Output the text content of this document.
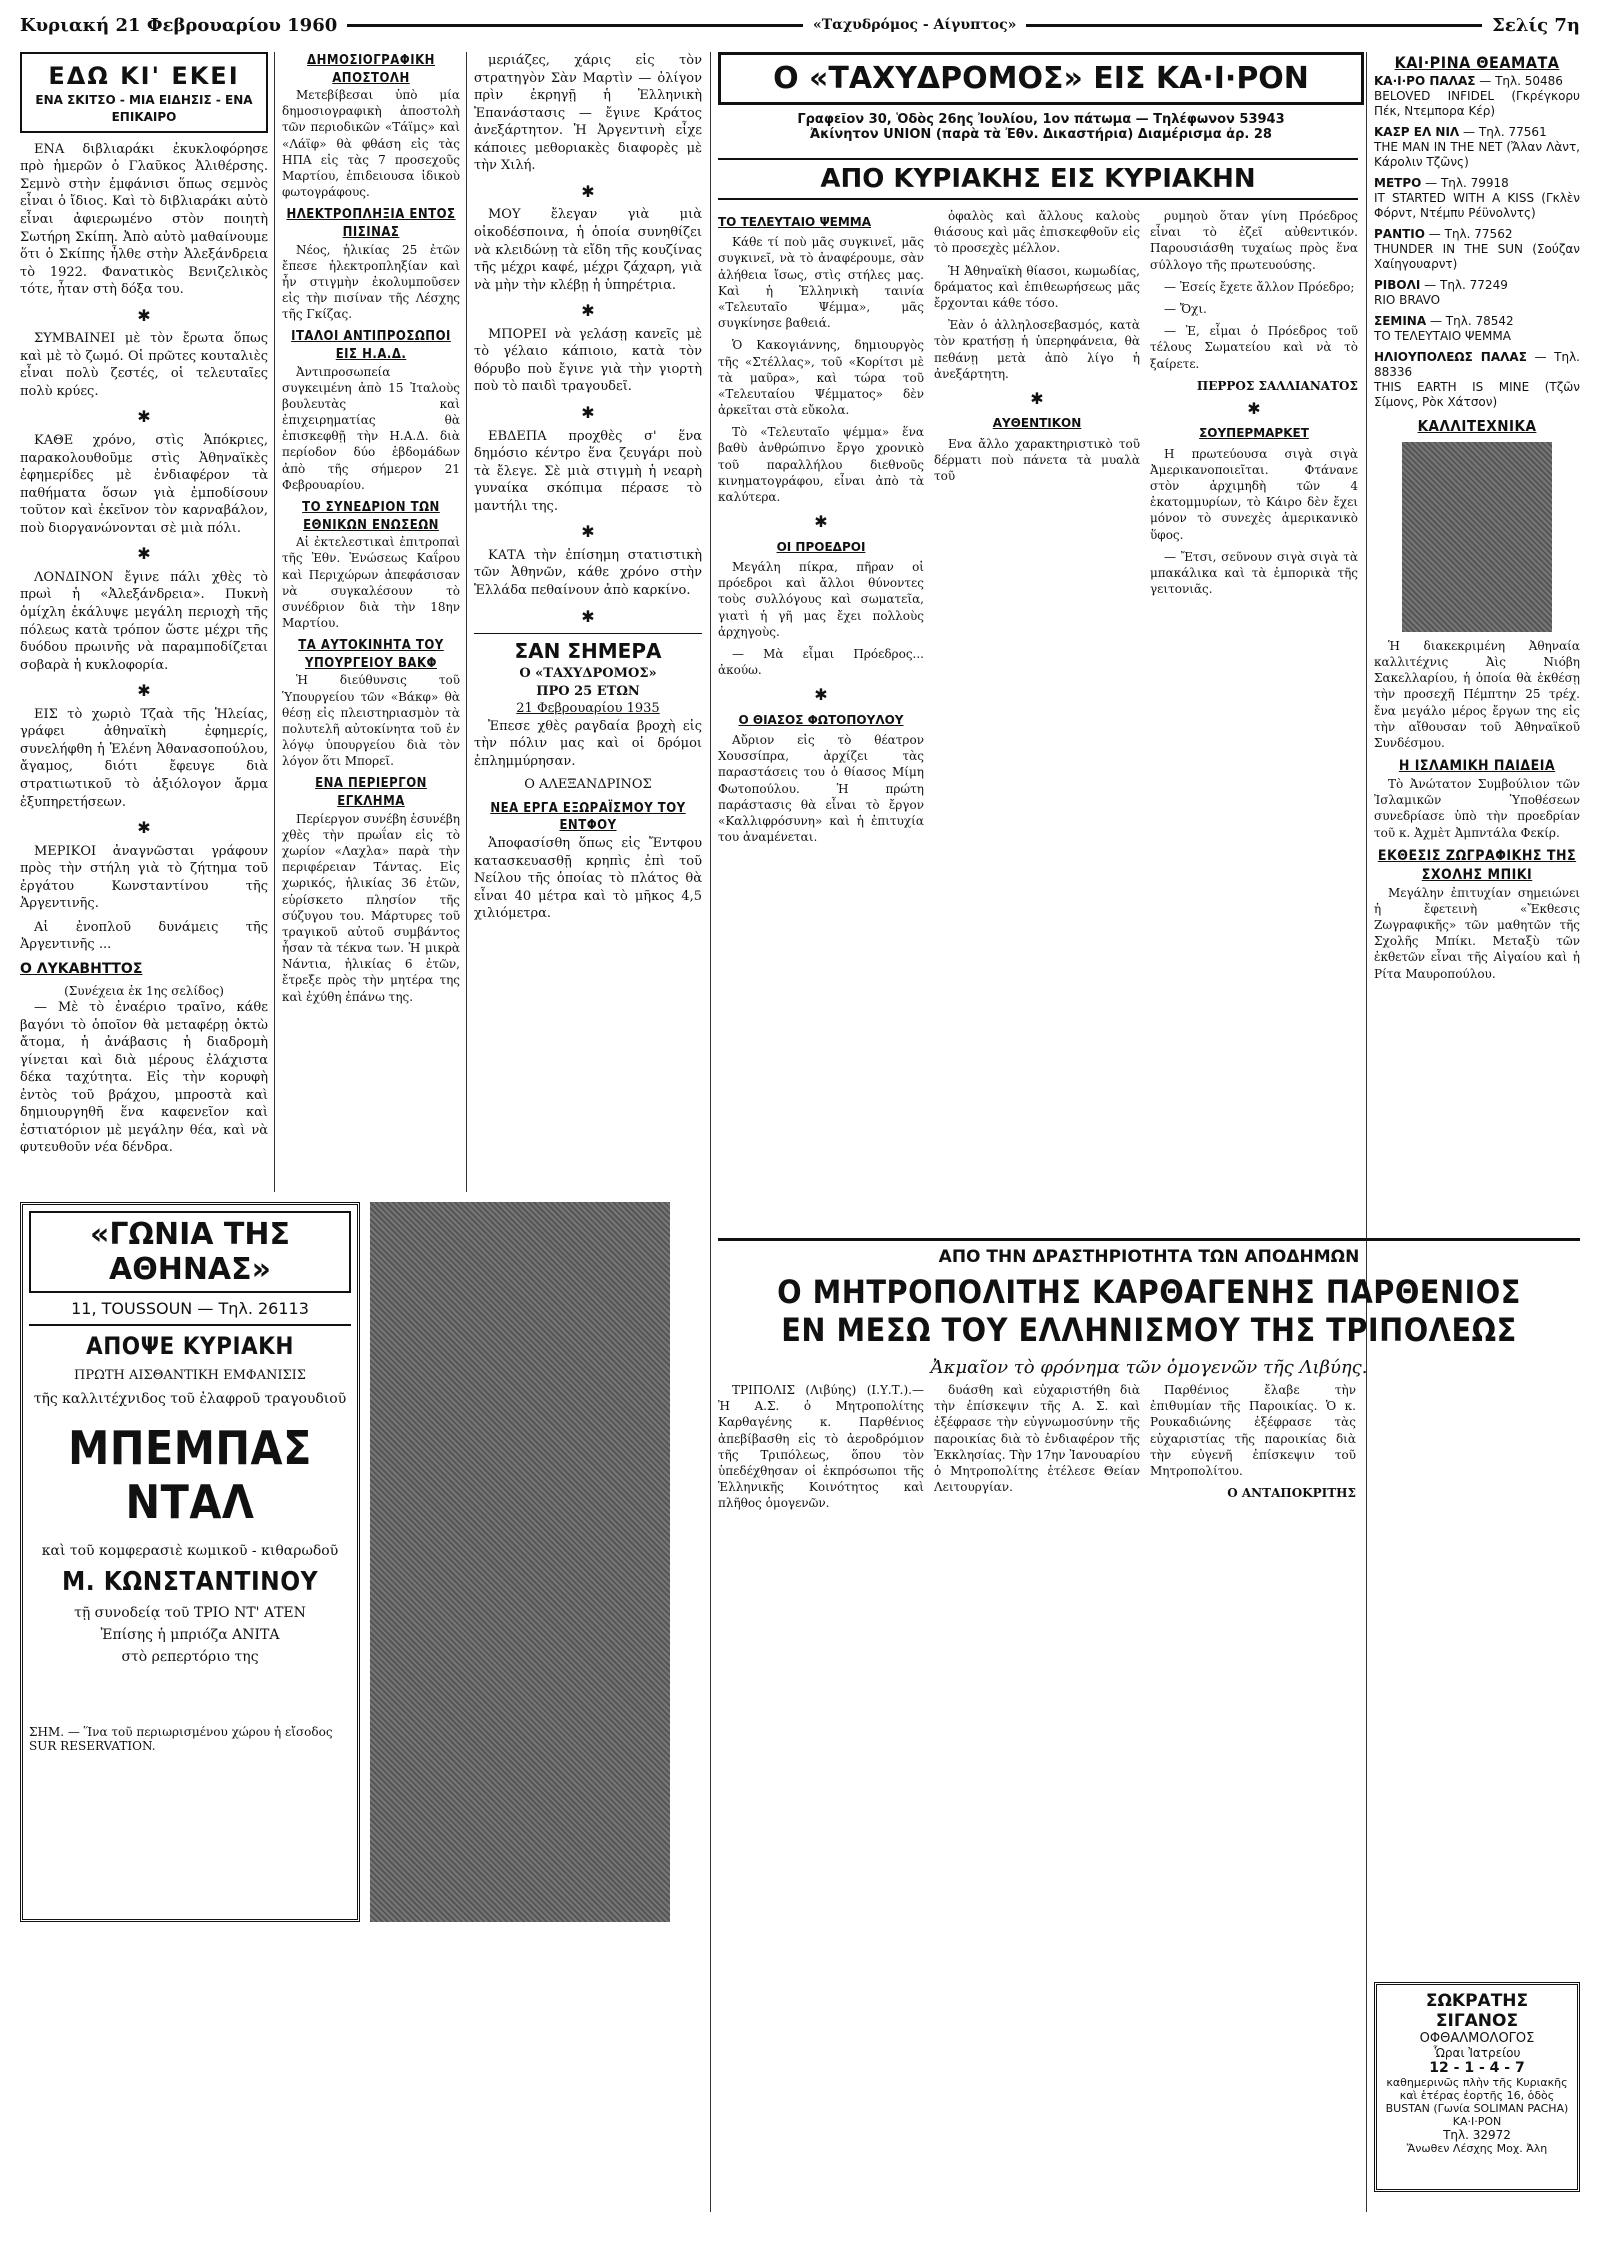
Κυριακή 21 Φεβρουαρίου 1960	«Ταχυδρόμος - Αίγυπτος»	Σελίς 7η
ΕΔΩ ΚΙ' ΕΚΕΙ
ΕΝΑ ΣΚΙΤΣΟ - ΜΙΑ ΕΙΔΗΣΙΣ - ΕΝΑ ΕΠΙΚΑΙΡΟ

ΕΝΑ διβλιαράκι ἐκυκλοφόρησε πρὸ ἡμερῶν ὁ Γλαῦκος Ἀλιθέρσης. Σεμνὸ στὴν ἐμφάνισι ὅπως σεμνὸς εἶναι ὁ ἴδιος. Καὶ τὸ διβλιαράκι αὐτὸ εἶναι ἀφιερωμένο στὸν ποιητὴ Σωτήρη Σκίπη. Ἀπὸ αὐτὸ μαθαίνουμε ὅτι ὁ Σκίπης ἦλθε στὴν Ἀλεξάνδρεια τὸ 1922. Φανατικὸς Βενιζελικὸς τότε, ἦταν στὴ δόξα του.

✱

ΣΥΜΒΑΙΝΕΙ μὲ τὸν ἔρωτα ὅπως καὶ μὲ τὸ ζωμό. Οἱ πρῶτες κουταλιὲς εἶναι πολὺ ζεστές, οἱ τελευταῖες πολὺ κρύες.

✱

ΚΑΘΕ χρόνο, στὶς Ἀπόκριες, παρακολουθοῦμε στὶς Ἀθηναϊκὲς ἐφημερίδες μὲ ἐνδιαφέρον τὰ παθήματα ὅσων γιὰ ἐμποδίσουν τοῦτον καὶ ἐκεῖνον τὸν καρναβάλον, ποὺ διοργανώνονται σὲ μιὰ πόλι.

✱

ΛΟΝΔΙΝΟΝ ἔγινε πάλι χθὲς τὸ πρωὶ ἡ «Ἀλεξάνδρεια». Πυκνὴ ὁμίχλη ἐκάλυψε μεγάλη περιοχὴ τῆς πόλεως κατὰ τρόπον ὥστε μέχρι τῆς δυόδου πρωινῆς νὰ παραμποδίζεται σοβαρὰ ἡ κυκλοφορία.

✱

ΕΙΣ τὸ χωριὸ Τζαὰ τῆς Ἡλείας, γράφει ἀθηναϊκὴ ἐφημερίς, συνελήφθη ἡ Ἑλένη Ἀθανασοπούλου, ἄγαμος, διότι ἔφευγε διὰ στρατιωτικοῦ τὸ ἀξιόλογον ἄρμα ἐξυπηρετήσεων.

✱

ΜΕΡΙΚΟΙ ἀναγνῶσται γράφουν πρὸς τὴν στήλη γιὰ τὸ ζήτημα τοῦ ἐργάτου Κωνσταντίνου τῆς Ἀργεντινῆς.

Αἱ ἐνοπλοῦ δυνάμεις τῆς Ἀργεντινῆς ...

Ο ΛΥΚΑΒΗΤΤΟΣ
(Συνέχεια ἐκ 1ης σελίδος)

— Μὲ τὸ ἐναέριο τραῖνο, κάθε βαγόνι τὸ ὁποῖον θὰ μεταφέρῃ ὀκτὼ ἄτομα, ἡ ἀνάβασις ἡ διαδρομὴ γίνεται καὶ διὰ μέρους ἐλάχιστα δέκα ταχύτητα. Εἰς τὴν κορυφὴ ἐντὸς τοῦ βράχου, μπροστὰ καὶ δημιουργηθῆ ἕνα καφενεῖον καὶ ἐστιατόριον μὲ μεγάλην θέα, καὶ νὰ φυτευθοῦν νέα δένδρα.

ΔΗΜΟΣΙΟΓΡΑΦΙΚΗ ΑΠΟΣΤΟΛΗ

Μετεβίβεσαι ὑπὸ μία δημοσιογραφικὴ ἀποστολὴ τῶν περιοδικῶν «Τάϊμς» καὶ «Λάϊφ» θὰ φθάση εἰς τὰς ΗΠΑ εἰς τὰς 7 προσεχοῦς Μαρτίου, ἐπιδειουσα ἰδικοὺ φωτογράφους.

ΗΛΕΚΤΡΟΠΛΗΞΙΑ ΕΝΤΟΣ ΠΙΣΙΝΑΣ

Νέος, ἡλικίας 25 ἐτῶν ἔπεσε ἡλεκτροπληξίαν καὶ ἦν στιγμὴν ἐκολυμποῦσεν εἰς τὴν πισίναν τῆς Λέσχης τῆς Γκίζας.

ΙΤΑΛΟΙ ΑΝΤΙΠΡΟΣΩΠΟΙ ΕΙΣ Η.Α.Δ.

Ἀντιπροσωπεία συγκειμένη ἀπὸ 15 Ἰταλοὺς βουλευτὰς καὶ ἐπιχειρηματίας θὰ ἐπισκεφθῇ τὴν Η.Α.Δ. διὰ περίοδον δύο ἑβδομάδων ἀπὸ τῆς σήμερον 21 Φεβρουαρίου.

ΤΟ ΣΥΝΕΔΡΙΟΝ ΤΩΝ ΕΘΝΙΚΩΝ ΕΝΩΣΕΩΝ

Αἱ ἐκτελεστικαὶ ἐπιτροπαὶ τῆς Ἐθν. Ἑνώσεως Καΐρου καὶ Περιχώρων ἀπεφάσισαν νὰ συγκαλέσουν τὸ συνέδριον διὰ τὴν 18ην Μαρτίου.

ΤΑ ΑΥΤΟΚΙΝΗΤΑ ΤΟΥ ΥΠΟΥΡΓΕΙΟΥ ΒΑΚΦ

Ἡ διεύθυνσις τοῦ Ὑπουργείου τῶν «Βάκφ» θὰ θέσῃ εἰς πλειστηριασμὸν τὰ πολυτελῆ αὐτοκίνητα τοῦ ἐν λόγῳ ὑπουργείου διὰ τὸν λόγον ὅτι Μπορεῖ.

ΕΝΑ ΠΕΡΙΕΡΓΟΝ ΕΓΚΛΗΜΑ

Περίεργον συνέβη ἐσυνέβη χθὲς τὴν πρωΐαν εἰς τὸ χωρίον «Λαχλα» παρὰ τὴν περιφέρειαν Τάντας. Εἰς χωρικός, ἡλικίας 36 ἐτῶν, εὑρίσκετο πλησίον τῆς σύζυγου του. Μάρτυρες τοῦ τραγικοῦ αὐτοῦ συμβάντος ἦσαν τὰ τέκνα των. Ἡ μικρὰ Νάντια, ἡλικίας 6 ἐτῶν, ἔτρεξε πρὸς τὴν μητέρα της καὶ ἐχύθη ἐπάνω της.

μεριάζες, χάρις εἰς τὸν στρατηγὸν Σὰν Μαρτὶν — ὀλίγον πρὶν ἐκρηγῇ ἡ Ἑλληνικὴ Ἐπανάστασις — ἔγινε Κράτος ἀνεξάρτητον. Ἡ Ἀργεντινὴ εἶχε κάποιες μεθοριακὲς διαφορὲς μὲ τὴν Χιλή.

✱

ΜΟΥ ἔλεγαν γιὰ μιὰ οἰκοδέσποινα, ἡ ὁποία συνηθίζει νὰ κλειδώνῃ τὰ εἴδη τῆς κουζίνας τῆς μέχρι καφέ, μέχρι ζάχαρη, γιὰ νὰ μὴν τὴν κλέβῃ ἡ ὑπηρέτρια.

✱

ΜΠΟΡΕΙ νὰ γελάσῃ κανεῖς μὲ τὸ γέλαιο κάπιοιο, κατὰ τὸν θόρυβο ποὺ ἔγινε γιὰ τὴν γιορτὴ ποὺ τὸ παιδὶ τραγουδεῖ.

✱

ΕΒΔΕΠΑ προχθὲς σ' ἕνα δημόσιο κέντρο ἕνα ζευγάρι ποὺ τὰ ἔλεγε. Σὲ μιὰ στιγμὴ ἡ νεαρὴ γυναίκα σκόπιμα πέρασε τὸ μαντήλι της.

✱

ΚΑΤΑ τὴν ἐπίσημη στατιστικὴ τῶν Ἀθηνῶν, κάθε χρόνο στὴν Ἑλλάδα πεθαίνουν ἀπὸ καρκίνο.

✱
ΣΑΝ ΣΗΜΕΡΑ
Ο «ΤΑΧΥΔΡΟΜΟΣ»
ΠΡΟ 25 ΕΤΩΝ
21 Φεβρουαρίου 1935

Ἐπεσε χθὲς ραγδαία βροχὴ εἰς τὴν πόλιν μας καὶ οἱ δρόμοι ἐπλημμύρησαν.

Ο ΑΛΕΞΑΝΔΡΙΝΟΣ
ΝΕΑ ΕΡΓΑ ΕΞΩΡΑΪΣΜΟΥ ΤΟΥ ΕΝΤΦΟΥ

Ἀποφασίσθη ὅπως εἰς Ἔντφου κατασκευασθῇ κρηπὶς ἐπὶ τοῦ Νείλου τῆς ὁποίας τὸ πλάτος θὰ εἶναι 40 μέτρα καὶ τὸ μῆκος 4,5 χιλιόμετρα.

«ΓΩΝΙΑ ΤΗΣ ΑΘΗΝΑΣ»
11, TOUSSOUN — Τηλ. 26113
ΑΠΟΨΕ ΚΥΡΙΑΚΗ
ΠΡΩΤΗ ΑΙΣΘΑΝΤΙΚΗ ΕΜΦΑΝΙΣΙΣ
τῆς καλλιτέχνιδος τοῦ ἐλαφροῦ τραγουδιοῦ
ΜΠΕΜΠΑΣ ΝΤΑΛ
καὶ τοῦ κομφερασιὲ κωμικοῦ - κιθαρωδοῦ
Μ. ΚΩΝΣΤΑΝΤΙΝΟΥ
τῇ συνοδείᾳ τοῦ ΤΡΙΟ ΝΤ' ΑΤΕΝ
Ἐπίσης ἡ μπριόζα ΑΝΙΤΑ
στὸ ρεπερτόριο της
ΣΗΜ. — Ἵνα τοῦ περιωρισμένου χώρου ἡ εἴσοδος SUR RESERVATION.
Ο «ΤΑΧΥΔΡΟΜΟΣ» ΕΙΣ ΚΑ·Ι·ΡΟΝ
Γραφεῖον 30, Ὁδὸς 26ης Ἰουλίου, 1ον πάτωμα — Τηλέφωνον 53943
Ἀκίνητον UNION (παρὰ τὰ Ἐθν. Δικαστήρια) Διαμέρισμα ἀρ. 28
ΑΠΟ ΚΥΡΙΑΚΗΣ ΕΙΣ ΚΥΡΙΑΚΗΝ
ΤΟ ΤΕΛΕΥΤΑΙΟ ΨΕΜΜΑ

Κάθε τί ποὺ μᾶς συγκινεῖ, μᾶς συγκινεῖ, νὰ τὸ ἀναφέρουμε, σὰν ἀλήθεια ἴσως, στὶς στήλες μας. Καὶ ἡ Ἑλληνικὴ ταινία «Τελευταῖο Ψέμμα», μᾶς συγκίνησε βαθειά.

Ὁ Κακογιάννης, δημιουργὸς τῆς «Στέλλας», τοῦ «Κορίτσι μὲ τὰ μαῦρα», καὶ τώρα τοῦ «Τελευταίου Ψέμματος» δὲν ἀρκεῖται στὰ εὔκολα.

Τὸ «Τελευταῖο ψέμμα» ἕνα βαθὺ ἀνθρώπινο ἔργο χρονικὸ τοῦ παραλλήλου διεθνοῦς κινηματογράφου, εἶναι ἀπὸ τὰ καλύτερα.

✱
ΟΙ ΠΡΟΕΔΡΟΙ

Μεγάλη πίκρα, πῆραν οἱ πρόεδροι καὶ ἄλλοι θύνοντες τοὺς συλλόγους καὶ σωματεῖα, γιατὶ ἡ γῆ μας ἔχει πολλοὺς ἀρχηγοὺς.

— Μὰ εἶμαι Πρόεδρος... ἀκούω.

✱
Ο ΘΙΑΣΟΣ ΦΩΤΟΠΟΥΛΟΥ

Αὔριον εἰς τὸ θέατρον Χουσσίπρα, ἀρχίζει τὰς παραστάσεις του ὁ θίασος Μίμη Φωτοπούλου. Ἡ πρώτη παράστασις θὰ εἶναι τὸ ἔργον «Καλλιφρόσυνη» καὶ ἡ ἐπιτυχία του ἀναμένεται.

ὀφαλὸς καὶ ἄλλους καλοὺς θιάσους καὶ μᾶς ἐπισκεφθοῦν εἰς τὸ προσεχὲς μέλλον.

Ἡ Ἀθηναϊκὴ θίασοι, κωμωδίας, δράματος καὶ ἐπιθεωρήσεως μᾶς ἔρχονται κάθε τόσο.

Ἐὰν ὁ ἀλληλοσεβασμός, κατὰ τὸν κρατήσῃ ἡ ὑπερηφάνεια, θὰ πεθάνῃ μετὰ ἀπὸ λίγο ἡ ἀνεξάρτητη.

✱
ΑΥΘΕΝΤΙΚΟΝ

Ενα ἄλλο χαρακτηριστικὸ τοῦ δέρματι ποὺ πάνετα τὰ μυαλὰ τοῦ

ρυμηοὺ ὅταν γίνη Πρόεδρος εἶναι τὸ ἐζεῖ αὐθεντικόν. Παρουσιάσθη τυχαίως πρὸς ἕνα σύλλογο τῆς πρωτευούσης.

— Ἐσείς ἔχετε ἄλλον Πρόεδρο;

— Ὄχι.

— Ἐ, εἶμαι ὁ Πρόεδρος τοῦ τέλους Σωματείου καὶ νὰ τὸ ξαίρετε.

ΠΕΡΡΟΣ ΣΑΛΛΙΑΝΑΤΟΣ
✱
ΣΟΥΠΕΡΜΑΡΚΕΤ

Η πρωτεύουσα σιγὰ σιγὰ Ἀμερικανοποιεῖται. Φτάνανε στὸν ἀρχιμηδὴ τῶν 4 ἑκατομμυρίων, τὸ Κάιρο δὲν ἔχει μόνον τὸ συνεχὲς ἀμερικανικὸ ὕφος.

— Ἔτσι, σεῦνουν σιγὰ σιγὰ τὰ μπακάλικα καὶ τὰ ἐμπορικὰ τῆς γειτονιᾶς.

ΚΑΙ·ΡΙΝΑ ΘΕΑΜΑΤΑ
ΚΑ·Ι·ΡΟ ΠΑΛΑΣ — Τηλ. 50486
BELOVED INFIDEL (Γκρέγκορυ Πέκ, Ντεμπορα Κέρ)
ΚΑΣΡ ΕΛ ΝΙΛ — Τηλ. 77561
THE MAN IN THE NET (Ἄλαν Λὰντ, Κάρολιν Τζῶνς)
ΜΕΤΡΟ — Τηλ. 79918
IT STARTED WITH A KISS (Γκλὲν Φόρντ, Ντέμπυ Ρέϋνολντς)
ΡΑΝΤΙΟ — Τηλ. 77562
THUNDER IN THE SUN (Σούζαν Χαίηγουαρντ)
ΡΙΒΟΛΙ — Τηλ. 77249
RIO BRAVO
ΣΕΜΙΝΑ — Τηλ. 78542
ΤΟ ΤΕΛΕΥΤΑΙΟ ΨΕΜΜΑ
ΗΛΙΟΥΠΟΛΕΩΣ ΠΑΛΑΣ — Τηλ. 88336
THIS EARTH IS MINE (Τζῶν Σίμονς, Ρὸκ Χάτσον)
ΚΑΛΛΙΤΕΧΝΙΚΑ

Ἡ διακεκριμένη Ἀθηναία καλλιτέχνις Ἀὶς Νιόβη Σακελλαρίου, ἡ ὁποία θὰ ἐκθέσῃ τὴν προσεχῆ Πέμπτην 25 τρέχ. ἔνα μεγάλο μέρος ἔργων της εἰς τὴν αἴθουσαν τοῦ Ἀθηναϊκοῦ Συνδέσμου.

Η ΙΣΛΑΜΙΚΗ ΠΑΙΔΕΙΑ

Τὸ Ἀνώτατον Συμβούλιον τῶν Ἰσλαμικῶν Ὑποθέσεων συνεδρίασε ὑπὸ τὴν προεδρίαν τοῦ κ. Ἀχμὲτ Ἀμπντάλα Φεκίρ.

ΕΚΘΕΣΙΣ ΖΩΓΡΑΦΙΚΗΣ ΤΗΣ ΣΧΟΛΗΣ ΜΠΙΚΙ

Μεγάλην ἐπιτυχίαν σημειώνει ἡ ἔφετεινὴ «Ἔκθεσις Ζωγραφικῆς» τῶν μαθητῶν τῆς Σχολῆς Μπίκι. Μεταξὺ τῶν ἐκθετῶν εἶναι τῆς Αἰγαίου καὶ ἡ Ρίτα Μαυροπούλου.

ΑΠΟ ΤΗΝ ΔΡΑΣΤΗΡΙΟΤΗΤΑ ΤΩΝ ΑΠΟΔΗΜΩΝ
Ο ΜΗΤΡΟΠΟΛΙΤΗΣ ΚΑΡΘΑΓΕΝΗΣ ΠΑΡΘΕΝΙΟΣ
ΕΝ ΜΕΣΩ ΤΟΥ ΕΛΛΗΝΙΣΜΟΥ ΤΗΣ ΤΡΙΠΟΛΕΩΣ
Ἀκμαῖον τὸ φρόνημα τῶν ὁμογενῶν τῆς Λιβύης.

ΤΡΙΠΟΛΙΣ (Λιβύης) (Ι.Υ.Τ.).— Ἡ Α.Σ. ὁ Μητροπολίτης Καρθαγένης κ. Παρθένιος ἀπεβίβασθη εἰς τὸ ἀεροδρόμιον τῆς Τριπόλεως, ὅπου τὸν ὑπεδέχθησαν οἱ ἐκπρόσωποι τῆς Ἑλληνικῆς Κοινότητος καὶ πλῆθος ὁμογενῶν.

δυάσθη καὶ εὐχαριστήθη διὰ τὴν ἐπίσκεψιν τῆς Α. Σ. καὶ ἐξέφρασε τὴν εὐγνωμοσύνην τῆς παροικίας διὰ τὸ ἐνδιαφέρον τῆς Ἐκκλησίας. Τὴν 17ην Ἰανουαρίου ὁ Μητροπολίτης ἐτέλεσε Θείαν Λειτουργίαν.

Παρθένιος ἔλαβε τὴν ἐπιθυμίαν τῆς Παροικίας. Ὁ κ. Ρουκαδιώνης ἐξέφρασε τὰς εὐχαριστίας τῆς παροικίας διὰ τὴν εὐγενῆ ἐπίσκεψιν τοῦ Μητροπολίτου.

Ο ΑΝΤΑΠΟΚΡΙΤΗΣ
ΣΩΚΡΑΤΗΣ ΣΙΓΑΝΟΣ
ΟΦΘΑΛΜΟΛΟΓΟΣ
Ὧραι Ἰατρείου
12 - 1 - 4 - 7
καθημερινῶς πλὴν τῆς Κυριακῆς καὶ ἑτέρας ἐορτῆς 16, ὁδὸς BUSTAN (Γωνία SOLIMAN PACHA) ΚΑ·Ι·ΡΟΝ
Τηλ. 32972
Ἄνωθεν Λέσχης Μοχ. Ἀλη
